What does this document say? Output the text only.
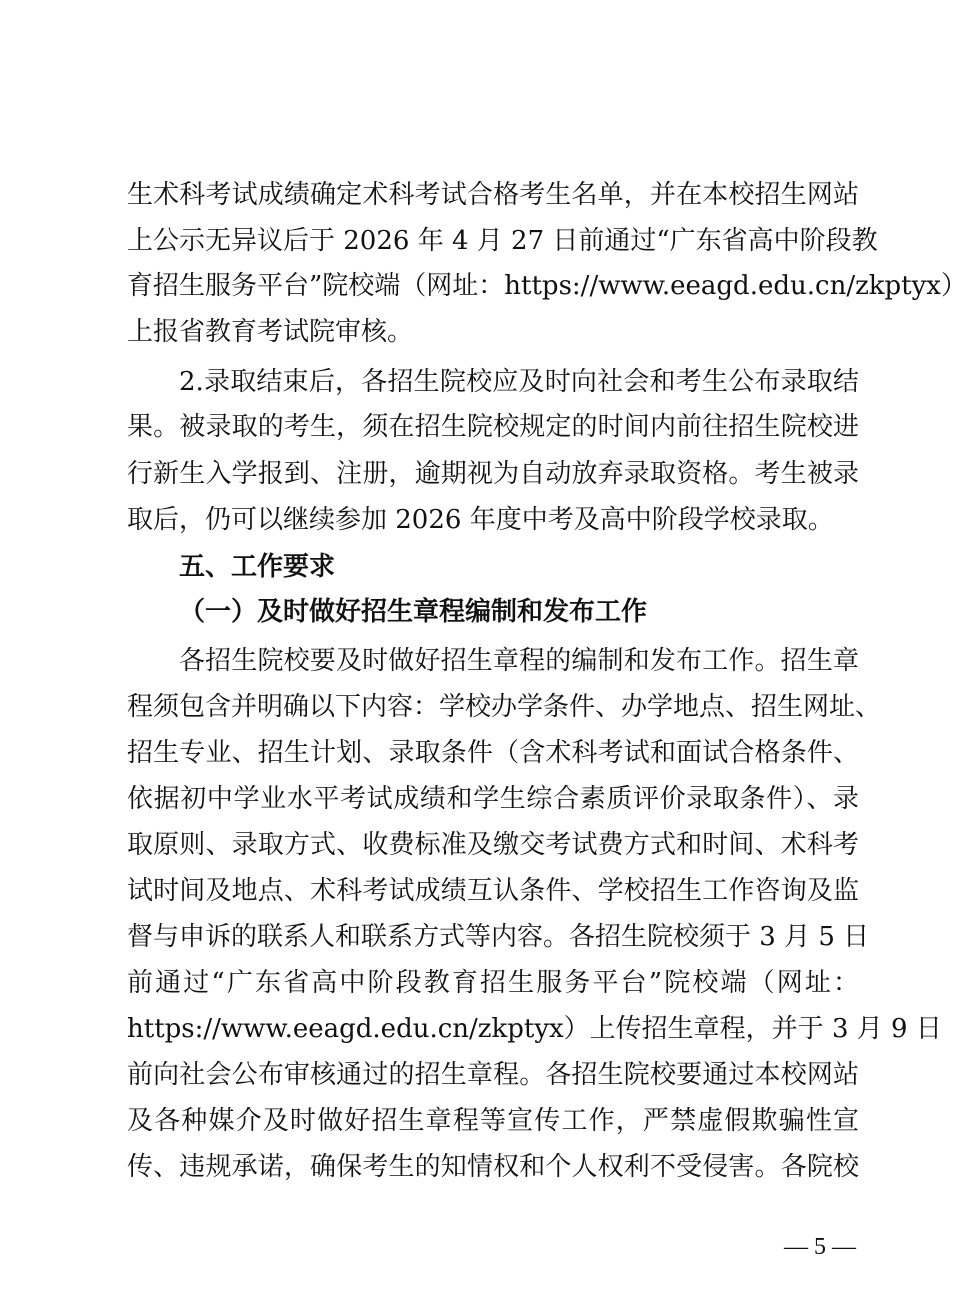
生术科考试成绩确定术科考试合格考生名单，并在本校招生网站
上公示无异议后于 2026 年 4 月 27 日前通过“广东省高中阶段教
育招生服务平台”院校端（网址：https://www.eeagd.edu.cn/zkptyx）
上报省教育考试院审核。
2.录取结束后，各招生院校应及时向社会和考生公布录取结
果。被录取的考生，须在招生院校规定的时间内前往招生院校进
行新生入学报到、注册，逾期视为自动放弃录取资格。考生被录
取后，仍可以继续参加 2026 年度中考及高中阶段学校录取。
五、工作要求
（一）及时做好招生章程编制和发布工作
各招生院校要及时做好招生章程的编制和发布工作。招生章
程须包含并明确以下内容：学校办学条件、办学地点、招生网址、
招生专业、招生计划、录取条件（含术科考试和面试合格条件、
依据初中学业水平考试成绩和学生综合素质评价录取条件）、录
取原则、录取方式、收费标准及缴交考试费方式和时间、术科考
试时间及地点、术科考试成绩互认条件、学校招生工作咨询及监
督与申诉的联系人和联系方式等内容。各招生院校须于 3 月 5 日
前通过“广东省高中阶段教育招生服务平台”院校端（网址：
https://www.eeagd.edu.cn/zkptyx）上传招生章程，并于 3 月 9 日
前向社会公布审核通过的招生章程。各招生院校要通过本校网站
及各种媒介及时做好招生章程等宣传工作，严禁虚假欺骗性宣
传、违规承诺，确保考生的知情权和个人权利不受侵害。各院校
— 5 —
